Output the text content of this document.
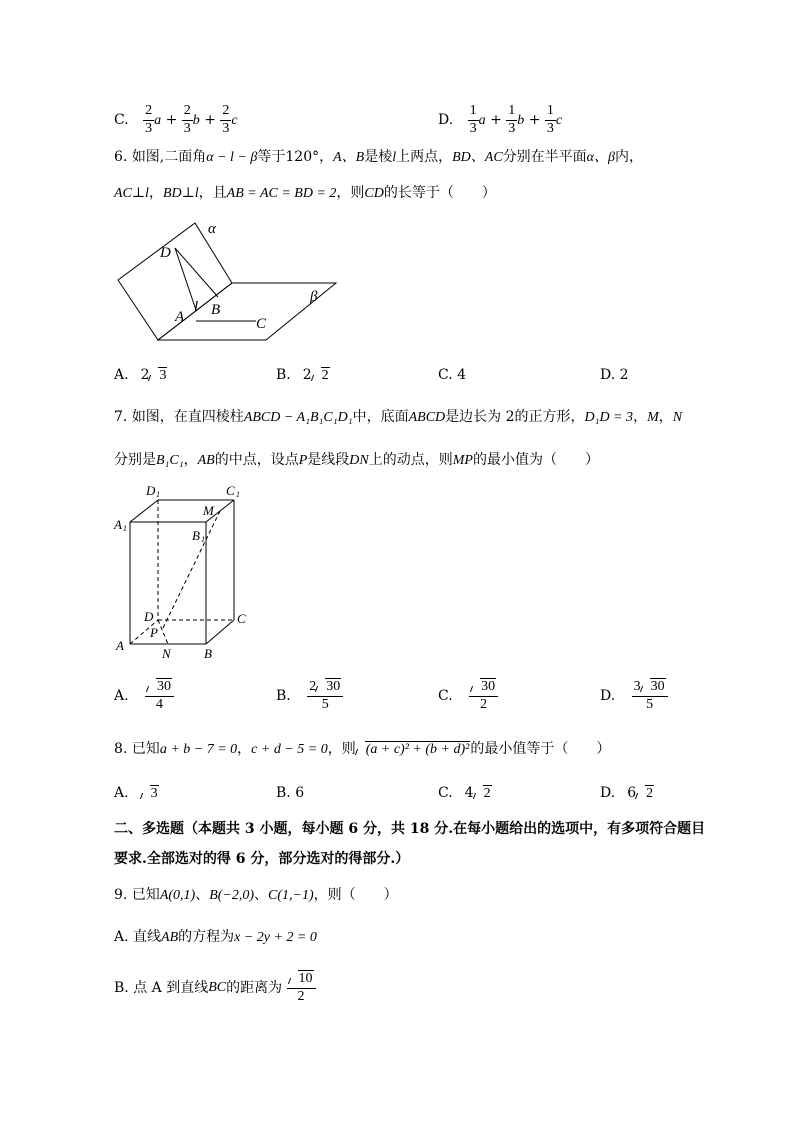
C. $\frac{2}{3}$ $a + \frac{2}{3}$ $b + \frac{2}{3}$ c	D. $\frac{1}{3}$ $a + \frac{1}{3}$ $b + \frac{1}{3}$ c
6. 如图,二面角α − l − β等于120°，A、B是棱l上两点，BD、AC分别在半平面α、β内，
AC⊥l，BD⊥l，且AB = AC = BD = 2，则CD的长等于（　　）
α
β
D
l
A B
C
A. 2 3	B. 2 2	C. 4	D. 2
7. 如图，在直四棱柱ABCD − A₁B₁C₁D₁中，底面ABCD是边长为 2的正方形，D₁D = 3，M，N
分别是B₁C₁，AB的中点，设点P是线段DN上的动点，则MP的最小值为（　　）
D 1	C 1
A 1
M
B 1
D	C
P
A
N	B
A. $\frac{30}{4}$	B. $\frac{2 30}{5}$	C. $\frac{30}{2}$	D. $\frac{3 30}{5}$
8. 已知a + b − 7 = 0，c + d − 5 = 0，则 (a + c)² + (b + d)²的最小值等于（　　）
A. 3	B. 6	C. 4 2	D. 6 2
二、多选题（本题共 3 小题，每小题 6 分，共 18 分.在每小题给出的选项中，有多项符合题目
要求.全部选对的得 6 分，部分选对的得部分.）
9. 已知A(0,1)、B(−2,0)、C(1,−1)，则（　　）
A. 直线AB的方程为x − 2y + 2 = 0
B. 点 A 到直线BC的距离为 $\frac{10}{2}$
